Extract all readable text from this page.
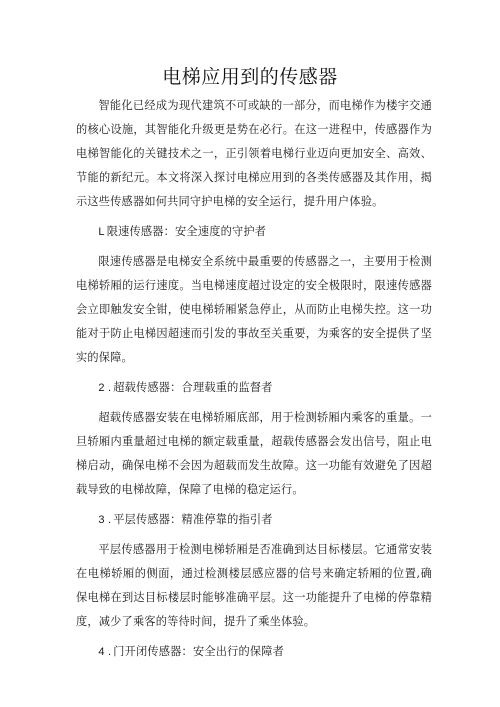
电梯应用到的传感器

智能化已经成为现代建筑不可或缺的一部分，而电梯作为楼宇交通的核心设施，其智能化升级更是势在必行。在这一进程中，传感器作为电梯智能化的关键技术之一，正引领着电梯行业迈向更加安全、高效、节能的新纪元。本文将深入探讨电梯应用到的各类传感器及其作用，揭示这些传感器如何共同守护电梯的安全运行，提升用户体验。

L 限速传感器：安全速度的守护者

限速传感器是电梯安全系统中最重要的传感器之一，主要用于检测电梯轿厢的运行速度。当电梯速度超过设定的安全极限时，限速传感器会立即触发安全钳，使电梯轿厢紧急停止，从而防止电梯失控。这一功能对于防止电梯因超速而引发的事故至关重要，为乘客的安全提供了坚实的保障。

2 . 超载传感器：合理载重的监督者

超载传感器安装在电梯轿厢底部，用于检测轿厢内乘客的重量。一旦轿厢内重量超过电梯的额定载重量，超载传感器会发出信号，阻止电梯启动，确保电梯不会因为超载而发生故障。这一功能有效避免了因超载导致的电梯故障，保障了电梯的稳定运行。

3 . 平层传感器：精准停靠的指引者

平层传感器用于检测电梯轿厢是否准确到达目标楼层。它通常安装在电梯轿厢的侧面，通过检测楼层感应器的信号来确定轿厢的位置,确保电梯在到达目标楼层时能够准确平层。这一功能提升了电梯的停靠精度，减少了乘客的等待时间，提升了乘坐体验。

4 . 门开闭传感器：安全出行的保障者
